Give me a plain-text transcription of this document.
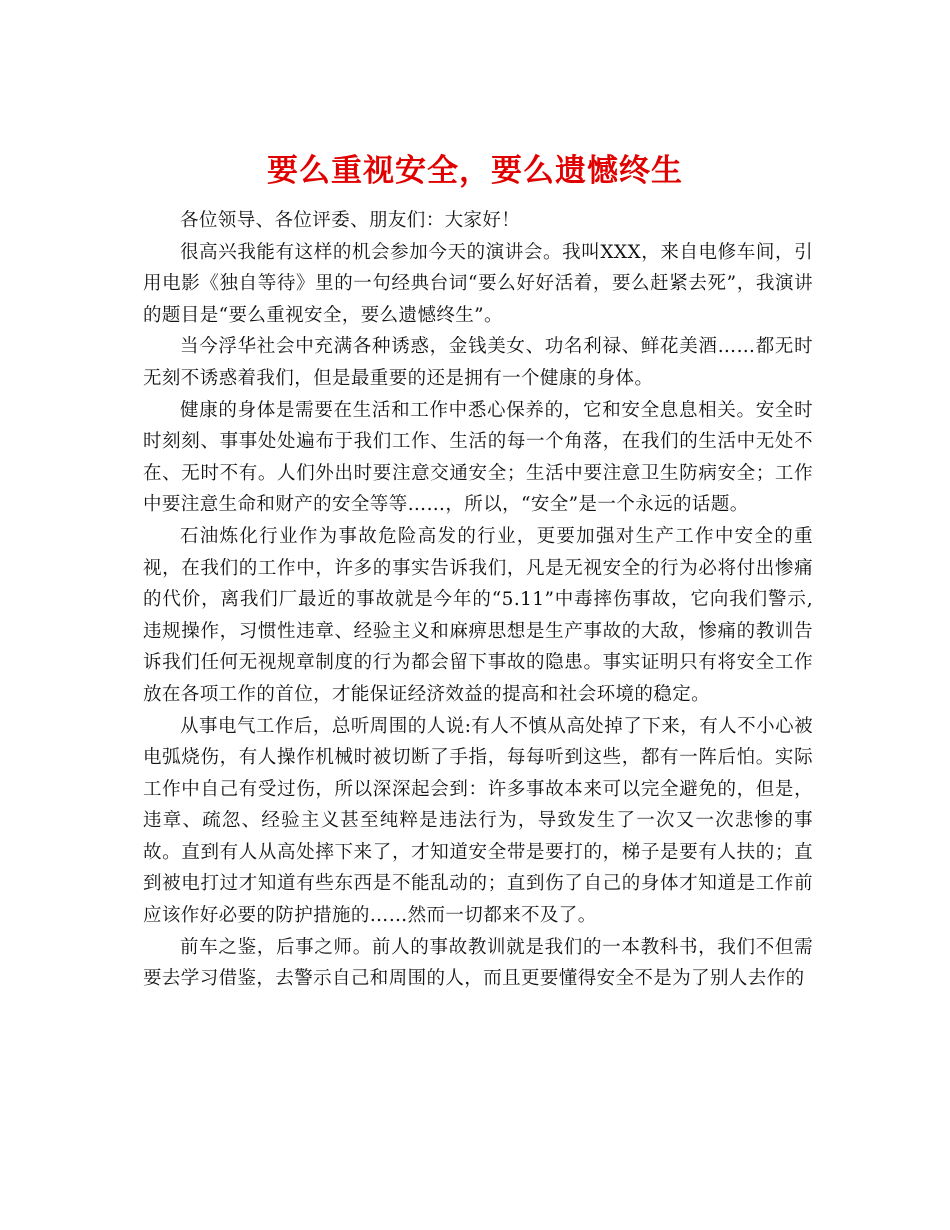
要么重视安全，要么遗憾终生

各位领导、各位评委、朋友们：大家好！

很高兴我能有这样的机会参加今天的演讲会。我叫XXX，来自电修车间，引用电影《独自等待》里的一句经典台词“要么好好活着，要么赶紧去死”，我演讲的题目是“要么重视安全，要么遗憾终生”。

当今浮华社会中充满各种诱惑，金钱美女、功名利禄、鲜花美酒……都无时无刻不诱惑着我们，但是最重要的还是拥有一个健康的身体。

健康的身体是需要在生活和工作中悉心保养的，它和安全息息相关。安全时时刻刻、事事处处遍布于我们工作、生活的每一个角落，在我们的生活中无处不在、无时不有。人们外出时要注意交通安全；生活中要注意卫生防病安全；工作中要注意生命和财产的安全等等……，所以，“安全”是一个永远的话题。

石油炼化行业作为事故危险高发的行业，更要加强对生产工作中安全的重视，在我们的工作中，许多的事实告诉我们，凡是无视安全的行为必将付出惨痛的代价，离我们厂最近的事故就是今年的“5.11”中毒摔伤事故，它向我们警示, 违规操作，习惯性违章、经验主义和麻痹思想是生产事故的大敌，惨痛的教训告诉我们任何无视规章制度的行为都会留下事故的隐患。事实证明只有将安全工作放在各项工作的首位，才能保证经济效益的提高和社会环境的稳定。

从事电气工作后，总听周围的人说:有人不慎从高处掉了下来，有人不小心被电弧烧伤，有人操作机械时被切断了手指，每每听到这些，都有一阵后怕。实际工作中自己有受过伤，所以深深起会到：许多事故本来可以完全避免的，但是，违章、疏忽、经验主义甚至纯粹是违法行为，导致发生了一次又一次悲惨的事故。直到有人从高处摔下来了，才知道安全带是要打的，梯子是要有人扶的；直到被电打过才知道有些东西是不能乱动的；直到伤了自己的身体才知道是工作前应该作好必要的防护措施的……然而一切都来不及了。

前车之鉴，后事之师。前人的事故教训就是我们的一本教科书，我们不但需要去学习借鉴，去警示自己和周围的人，而且更要懂得安全不是为了别人去作的
